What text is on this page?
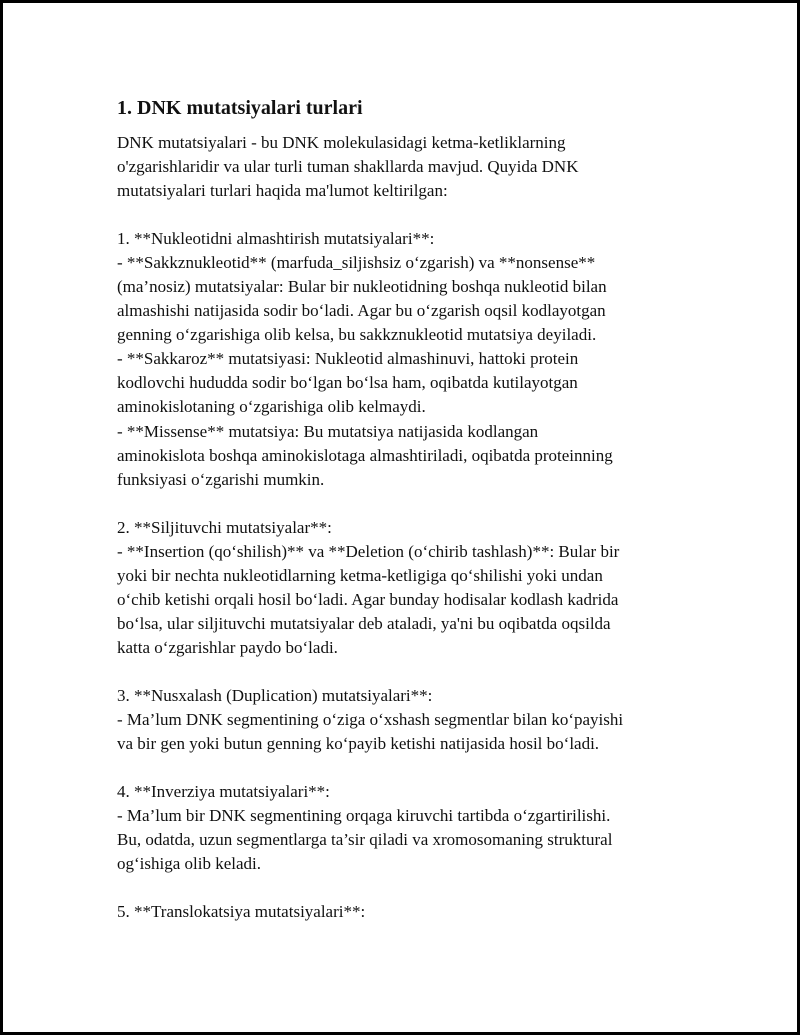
1. DNK mutatsiyalari turlari
DNK mutatsiyalari - bu DNK molekulasidagi ketma-ketliklarning
o'zgarishlaridir va ular turli tuman shakllarda mavjud. Quyida DNK
mutatsiyalari turlari haqida ma'lumot keltirilgan:
1. **Nukleotidni almashtirish mutatsiyalari**:
- **Sakkznukleotid** (marfuda_siljishsiz o‘zgarish) va **nonsense**
(ma’nosiz) mutatsiyalar: Bular bir nukleotidning boshqa nukleotid bilan
almashishi natijasida sodir bo‘ladi. Agar bu o‘zgarish oqsil kodlayotgan
genning o‘zgarishiga olib kelsa, bu sakkznukleotid mutatsiya deyiladi.
- **Sakkaroz** mutatsiyasi: Nukleotid almashinuvi, hattoki protein
kodlovchi hududda sodir bo‘lgan bo‘lsa ham, oqibatda kutilayotgan
aminokislotaning o‘zgarishiga olib kelmaydi.
- **Missense** mutatsiya: Bu mutatsiya natijasida kodlangan
aminokislota boshqa aminokislotaga almashtiriladi, oqibatda proteinning
funksiyasi o‘zgarishi mumkin.
2. **Siljituvchi mutatsiyalar**:
- **Insertion (qo‘shilish)** va **Deletion (o‘chirib tashlash)**: Bular bir
yoki bir nechta nukleotidlarning ketma-ketligiga qo‘shilishi yoki undan
o‘chib ketishi orqali hosil bo‘ladi. Agar bunday hodisalar kodlash kadrida
bo‘lsa, ular siljituvchi mutatsiyalar deb ataladi, ya'ni bu oqibatda oqsilda
katta o‘zgarishlar paydo bo‘ladi.
3. **Nusxalash (Duplication) mutatsiyalari**:
- Ma’lum DNK segmentining o‘ziga o‘xshash segmentlar bilan ko‘payishi
va bir gen yoki butun genning ko‘payib ketishi natijasida hosil bo‘ladi.
4. **Inverziya mutatsiyalari**:
- Ma’lum bir DNK segmentining orqaga kiruvchi tartibda o‘zgartirilishi.
Bu, odatda, uzun segmentlarga ta’sir qiladi va xromosomaning struktural
og‘ishiga olib keladi.
5. **Translokatsiya mutatsiyalari**:
